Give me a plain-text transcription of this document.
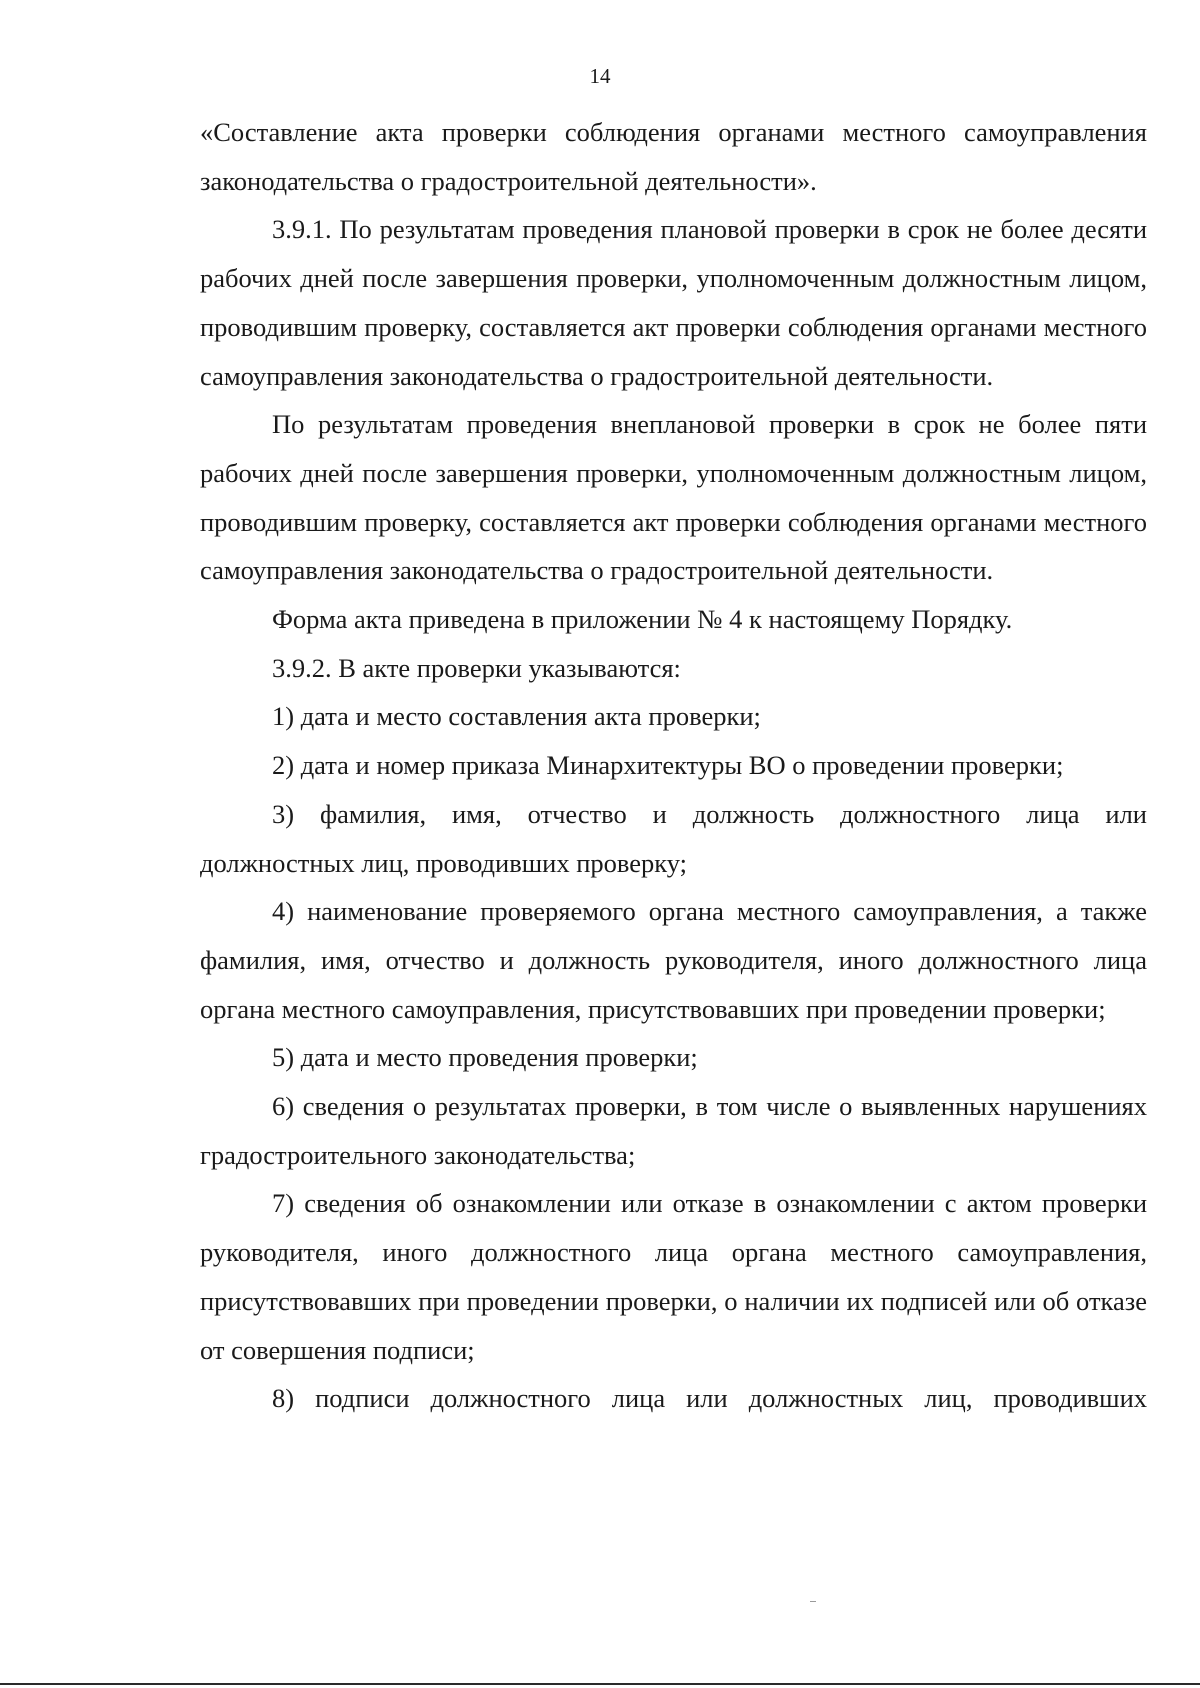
14

«Составление акта проверки соблюдения органами местного самоуправления законодательства о градостроительной деятельности».

3.9.1. По результатам проведения плановой проверки в срок не более десяти рабочих дней после завершения проверки, уполномоченным должностным лицом, проводившим проверку, составляется акт проверки соблюдения органами местного самоуправления законодательства о градостроительной деятельности.

По результатам проведения внеплановой проверки в срок не более пяти рабочих дней после завершения проверки, уполномоченным должностным лицом, проводившим проверку, составляется акт проверки соблюдения органами местного самоуправления законодательства о градостроительной деятельности.

Форма акта приведена в приложении № 4 к настоящему Порядку.

3.9.2. В акте проверки указываются:

1) дата и место составления акта проверки;

2) дата и номер приказа Минархитектуры ВО о проведении проверки;

3) фамилия, имя, отчество и должность должностного лица или должностных лиц, проводивших проверку;

4) наименование проверяемого органа местного самоуправления, а также фамилия, имя, отчество и должность руководителя, иного должностного лица органа местного самоуправления, присутствовавших при проведении проверки;

5) дата и место проведения проверки;

6) сведения о результатах проверки, в том числе о выявленных нарушениях градостроительного законодательства;

7) сведения об ознакомлении или отказе в ознакомлении с актом проверки руководителя, иного должностного лица органа местного самоуправления, присутствовавших при проведении проверки, о наличии их подписей или об отказе от совершения подписи;

8) подписи должностного лица или должностных лиц, проводивших
